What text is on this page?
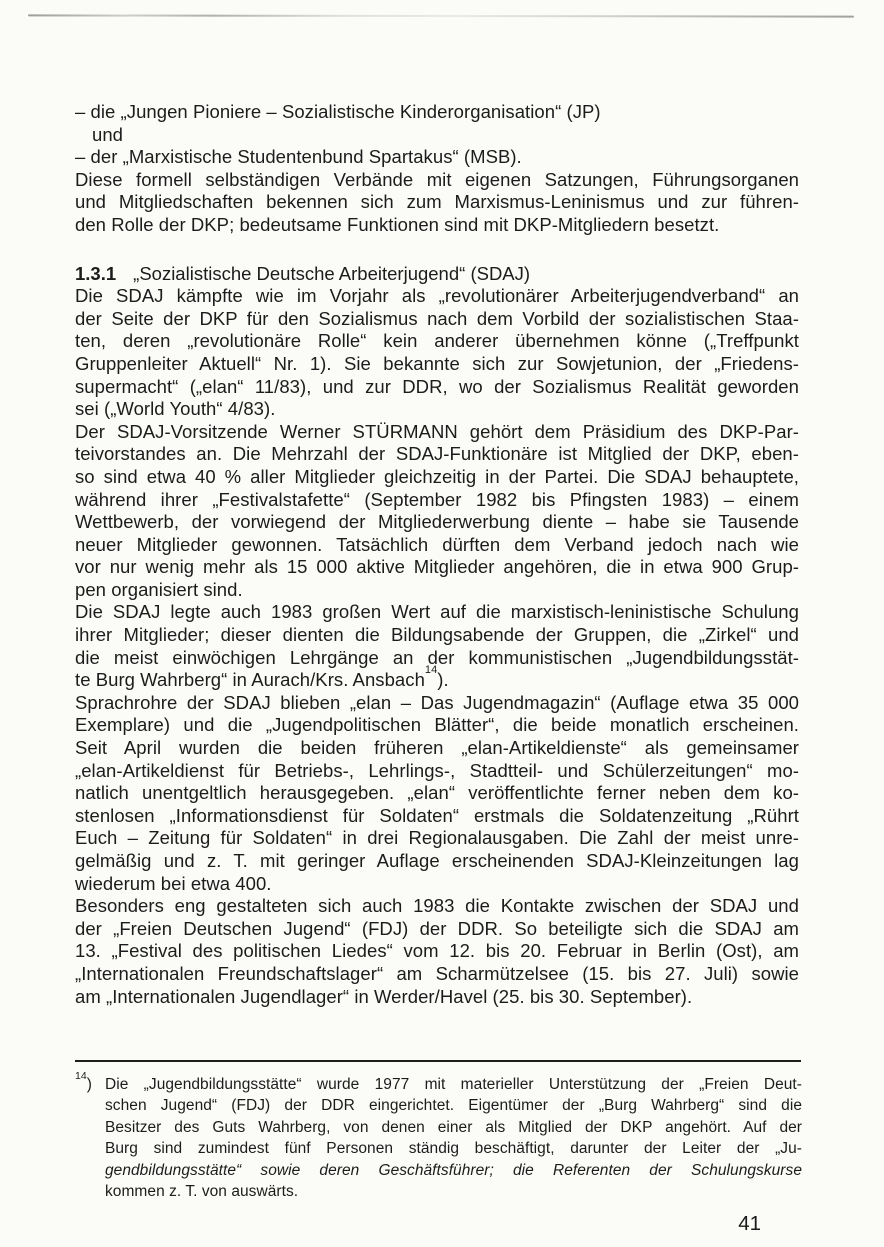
– die „Jungen Pioniere – Sozialistische Kinderorganisation“ (JP)
und
– der „Marxistische Studentenbund Spartakus“ (MSB).
Diese formell selbständigen Verbände mit eigenen Satzungen, Führungsorganen
und Mitgliedschaften bekennen sich zum Marxismus-Leninismus und zur führen-
den Rolle der DKP; bedeutsame Funktionen sind mit DKP-Mitgliedern besetzt.
1.3.1 „Sozialistische Deutsche Arbeiterjugend“ (SDAJ)
Die SDAJ kämpfte wie im Vorjahr als „revolutionärer Arbeiterjugendverband“ an
der Seite der DKP für den Sozialismus nach dem Vorbild der sozialistischen Staa-
ten, deren „revolutionäre Rolle“ kein anderer übernehmen könne („Treffpunkt
Gruppenleiter Aktuell“ Nr. 1). Sie bekannte sich zur Sowjetunion, der „Friedens-
supermacht“ („elan“ 11/83), und zur DDR, wo der Sozialismus Realität geworden
sei („World Youth“ 4/83).
Der SDAJ-Vorsitzende Werner STÜRMANN gehört dem Präsidium des DKP-Par-
teivorstandes an. Die Mehrzahl der SDAJ-Funktionäre ist Mitglied der DKP, eben-
so sind etwa 40 % aller Mitglieder gleichzeitig in der Partei. Die SDAJ behauptete,
während ihrer „Festivalstafette“ (September 1982 bis Pfingsten 1983) – einem
Wettbewerb, der vorwiegend der Mitgliederwerbung diente – habe sie Tausende
neuer Mitglieder gewonnen. Tatsächlich dürften dem Verband jedoch nach wie
vor nur wenig mehr als 15 000 aktive Mitglieder angehören, die in etwa 900 Grup-
pen organisiert sind.
Die SDAJ legte auch 1983 großen Wert auf die marxistisch-leninistische Schulung
ihrer Mitglieder; dieser dienten die Bildungsabende der Gruppen, die „Zirkel“ und
die meist einwöchigen Lehrgänge an der kommunistischen „Jugendbildungsstät-
te Burg Wahrberg“ in Aurach/Krs. Ansbach$^{14}$).
Sprachrohre der SDAJ blieben „elan – Das Jugendmagazin“ (Auflage etwa 35 000
Exemplare) und die „Jugendpolitischen Blätter“, die beide monatlich erscheinen.
Seit April wurden die beiden früheren „elan-Artikeldienste“ als gemeinsamer
„elan-Artikeldienst für Betriebs-, Lehrlings-, Stadtteil- und Schülerzeitungen“ mo-
natlich unentgeltlich herausgegeben. „elan“ veröffentlichte ferner neben dem ko-
stenlosen „Informationsdienst für Soldaten“ erstmals die Soldatenzeitung „Rührt
Euch – Zeitung für Soldaten“ in drei Regionalausgaben. Die Zahl der meist unre-
gelmäßig und z. T. mit geringer Auflage erscheinenden SDAJ-Kleinzeitungen lag
wiederum bei etwa 400.
Besonders eng gestalteten sich auch 1983 die Kontakte zwischen der SDAJ und
der „Freien Deutschen Jugend“ (FDJ) der DDR. So beteiligte sich die SDAJ am
13. „Festival des politischen Liedes“ vom 12. bis 20. Februar in Berlin (Ost), am
„Internationalen Freundschaftslager“ am Scharmützelsee (15. bis 27. Juli) sowie
am „Internationalen Jugendlager“ in Werder/Havel (25. bis 30. September).
$^{14}$) Die „Jugendbildungsstätte“ wurde 1977 mit materieller Unterstützung der „Freien Deut-
schen Jugend“ (FDJ) der DDR eingerichtet. Eigentümer der „Burg Wahrberg“ sind die
Besitzer des Guts Wahrberg, von denen einer als Mitglied der DKP angehört. Auf der
Burg sind zumindest fünf Personen ständig beschäftigt, darunter der Leiter der „Ju-
gendbildungsstätte“ sowie deren Geschäftsführer; die Referenten der Schulungskurse
kommen z. T. von auswärts.
41
